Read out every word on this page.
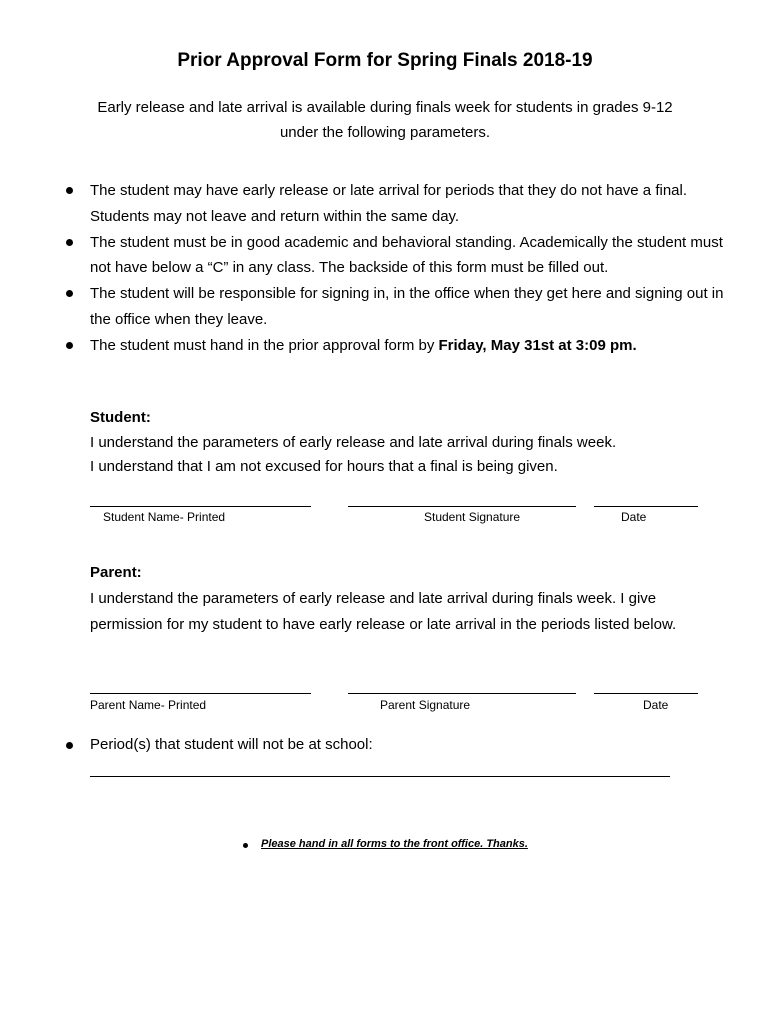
Prior Approval Form for Spring Finals 2018-19
Early release and late arrival is available during finals week for students in grades 9-12
under the following parameters.
The student may have early release or late arrival for periods that they do not have a final. Students may not leave and return within the same day.
The student must be in good academic and behavioral standing. Academically the student must not have below a “C” in any class. The backside of this form must be filled out.
The student will be responsible for signing in, in the office when they get here and signing out in the office when they leave.
The student must hand in the prior approval form by Friday, May 31st at 3:09 pm.
Student:
I understand the parameters of early release and late arrival during finals week.
I understand that I am not excused for hours that a final is being given.
Student Name- Printed	Student Signature	Date
Parent:
I understand the parameters of early release and late arrival during finals week. I give permission for my student to have early release or late arrival in the periods listed below.
Parent Name- Printed	Parent Signature	Date
Period(s) that student will not be at school:
Please hand in all forms to the front office. Thanks.
